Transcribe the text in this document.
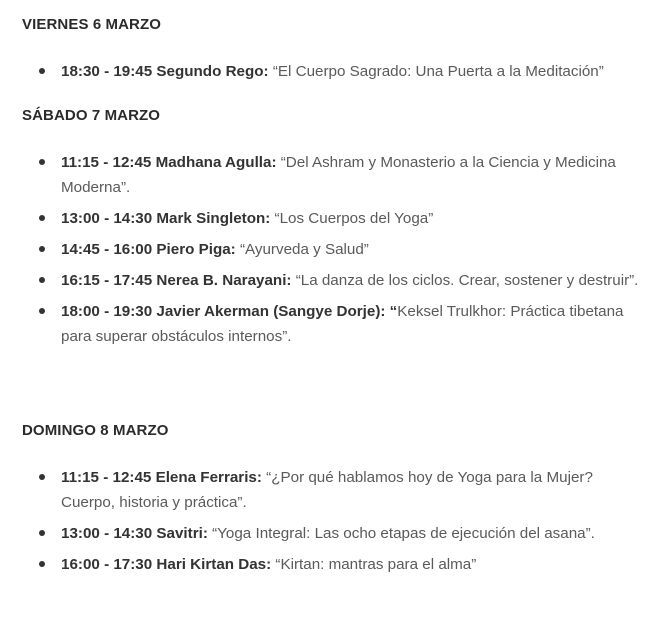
VIERNES 6 MARZO
18:30 - 19:45 Segundo Rego: “El Cuerpo Sagrado: Una Puerta a la Meditación”
SÁBADO 7 MARZO
11:15 - 12:45 Madhana Agulla: “Del Ashram y Monasterio a la Ciencia y Medicina Moderna”.
13:00 - 14:30 Mark Singleton: “Los Cuerpos del Yoga”
14:45 - 16:00 Piero Piga: “Ayurveda y Salud”
16:15 - 17:45 Nerea B. Narayani: “La danza de los ciclos. Crear, sostener y destruir”.
18:00 - 19:30 Javier Akerman (Sangye Dorje): “Keksel Trulkhor: Práctica tibetana para superar obstáculos internos”.
DOMINGO 8 MARZO
11:15 - 12:45 Elena Ferraris: “¿Por qué hablamos hoy de Yoga para la Mujer? Cuerpo, historia y práctica”.
13:00 - 14:30 Savitri: “Yoga Integral: Las ocho etapas de ejecución del asana”.
16:00 - 17:30 Hari Kirtan Das: “Kirtan: mantras para el alma”
